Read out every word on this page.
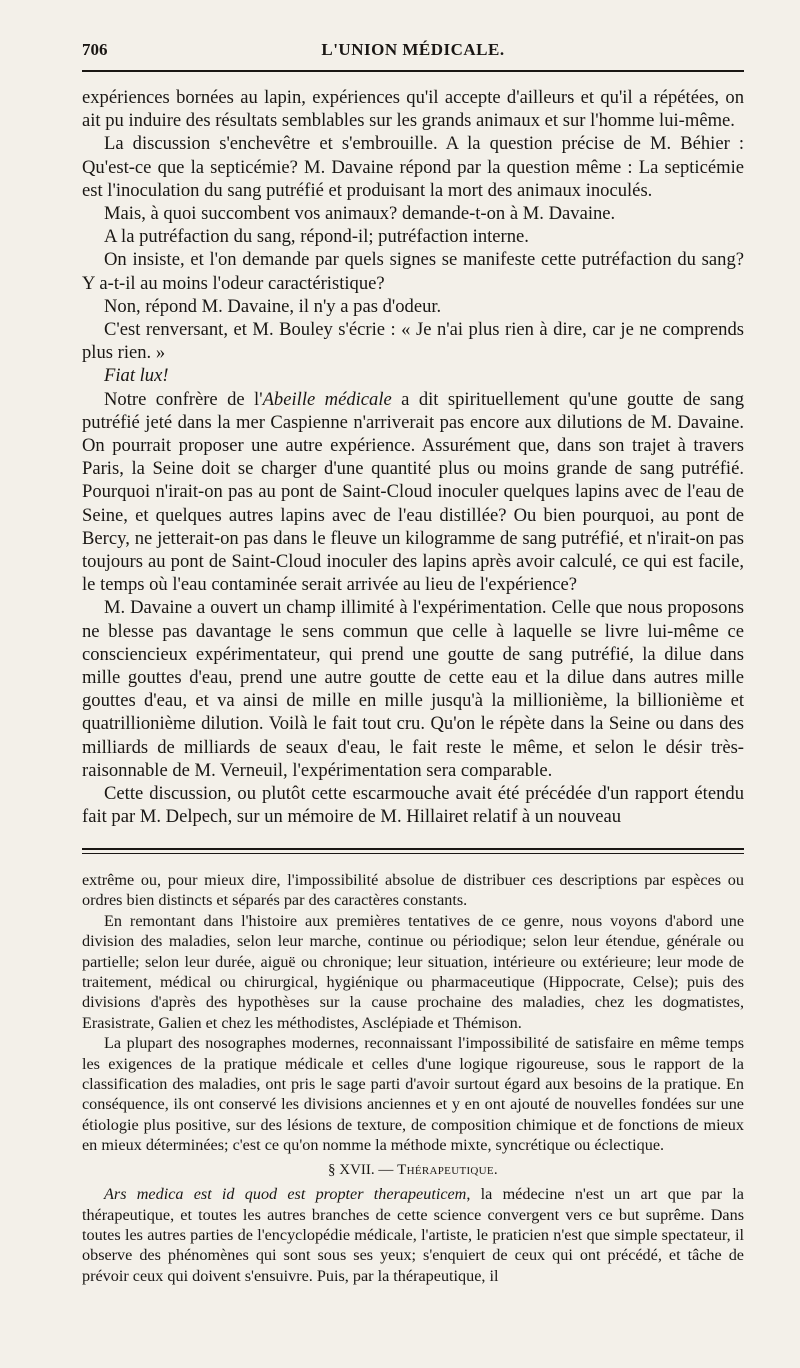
706	L'UNION MÉDICALE.

expériences bornées au lapin, expériences qu'il accepte d'ailleurs et qu'il a répétées, on ait pu induire des résultats semblables sur les grands animaux et sur l'homme lui-même.

La discussion s'enchevêtre et s'embrouille. A la question précise de M. Béhier : Qu'est-ce que la septicémie? M. Davaine répond par la question même : La septicémie est l'inoculation du sang putréfié et produisant la mort des animaux inoculés.

Mais, à quoi succombent vos animaux? demande-t-on à M. Davaine.

A la putréfaction du sang, répond-il; putréfaction interne.

On insiste, et l'on demande par quels signes se manifeste cette putréfaction du sang? Y a-t-il au moins l'odeur caractéristique?

Non, répond M. Davaine, il n'y a pas d'odeur.

C'est renversant, et M. Bouley s'écrie : « Je n'ai plus rien à dire, car je ne comprends plus rien. »

Fiat lux!

Notre confrère de l'Abeille médicale a dit spirituellement qu'une goutte de sang putréfié jeté dans la mer Caspienne n'arriverait pas encore aux dilutions de M. Davaine. On pourrait proposer une autre expérience. Assurément que, dans son trajet à travers Paris, la Seine doit se charger d'une quantité plus ou moins grande de sang putréfié. Pourquoi n'irait-on pas au pont de Saint-Cloud inoculer quelques lapins avec de l'eau de Seine, et quelques autres lapins avec de l'eau distillée? Ou bien pourquoi, au pont de Bercy, ne jetterait-on pas dans le fleuve un kilogramme de sang putréfié, et n'irait-on pas toujours au pont de Saint-Cloud inoculer des lapins après avoir calculé, ce qui est facile, le temps où l'eau contaminée serait arrivée au lieu de l'expérience?

M. Davaine a ouvert un champ illimité à l'expérimentation. Celle que nous proposons ne blesse pas davantage le sens commun que celle à laquelle se livre lui-même ce consciencieux expérimentateur, qui prend une goutte de sang putréfié, la dilue dans mille gouttes d'eau, prend une autre goutte de cette eau et la dilue dans autres mille gouttes d'eau, et va ainsi de mille en mille jusqu'à la millionième, la billionième et quatrillionième dilution. Voilà le fait tout cru. Qu'on le répète dans la Seine ou dans des milliards de milliards de seaux d'eau, le fait reste le même, et selon le désir très-raisonnable de M. Verneuil, l'expérimentation sera comparable.

Cette discussion, ou plutôt cette escarmouche avait été précédée d'un rapport étendu fait par M. Delpech, sur un mémoire de M. Hillairet relatif à un nouveau

extrême ou, pour mieux dire, l'impossibilité absolue de distribuer ces descriptions par espèces ou ordres bien distincts et séparés par des caractères constants.

En remontant dans l'histoire aux premières tentatives de ce genre, nous voyons d'abord une division des maladies, selon leur marche, continue ou périodique; selon leur étendue, générale ou partielle; selon leur durée, aiguë ou chronique; leur situation, intérieure ou extérieure; leur mode de traitement, médical ou chirurgical, hygiénique ou pharmaceutique (Hippocrate, Celse); puis des divisions d'après des hypothèses sur la cause prochaine des maladies, chez les dogmatistes, Erasistrate, Galien et chez les méthodistes, Asclépiade et Thémison.

La plupart des nosographes modernes, reconnaissant l'impossibilité de satisfaire en même temps les exigences de la pratique médicale et celles d'une logique rigoureuse, sous le rapport de la classification des maladies, ont pris le sage parti d'avoir surtout égard aux besoins de la pratique. En conséquence, ils ont conservé les divisions anciennes et y en ont ajouté de nouvelles fondées sur une étiologie plus positive, sur des lésions de texture, de composition chimique et de fonctions de mieux en mieux déterminées; c'est ce qu'on nomme la méthode mixte, syncrétique ou éclectique.

§ XVII. — Thérapeutique.

Ars medica est id quod est propter therapeuticem, la médecine n'est un art que par la thérapeutique, et toutes les autres branches de cette science convergent vers ce but suprême. Dans toutes les autres parties de l'encyclopédie médicale, l'artiste, le praticien n'est que simple spectateur, il observe des phénomènes qui sont sous ses yeux; s'enquiert de ceux qui ont précédé, et tâche de prévoir ceux qui doivent s'ensuivre. Puis, par la thérapeutique, il
